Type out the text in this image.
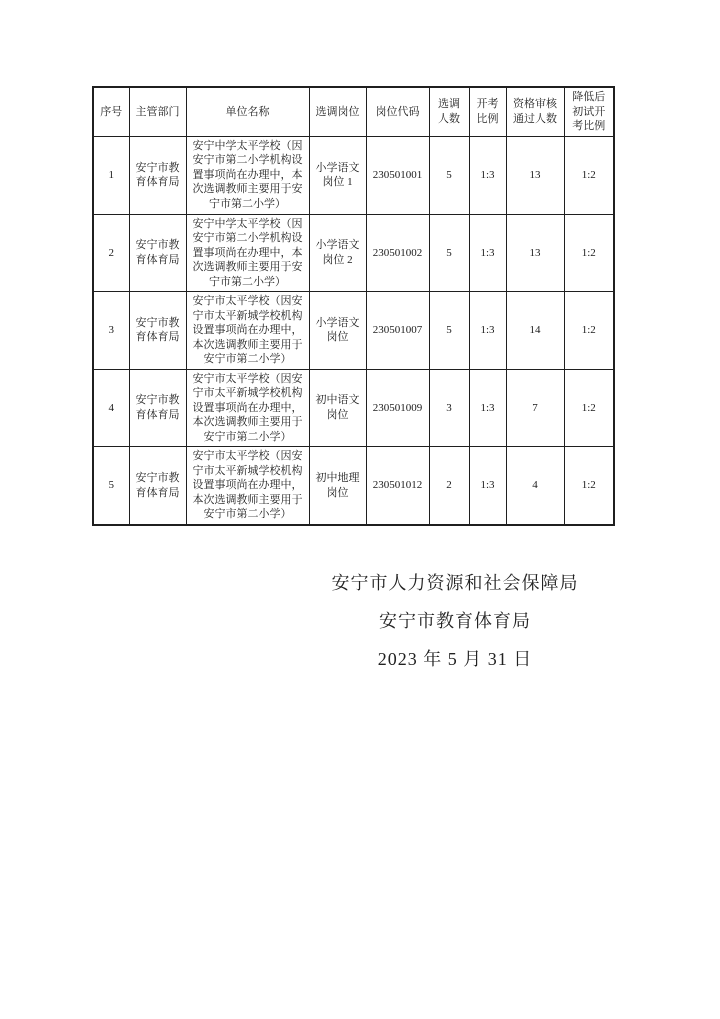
序号	主管部门	单位名称	选调岗位	岗位代码	选调人数	开考比例	资格审核通过人数	降低后初试开考比例
1	安宁市教育体育局	安宁中学太平学校（因安宁市第二小学机构设置事项尚在办理中，本次选调教师主要用于安宁市第二小学）	小学语文岗位 1	230501001	5	1:3	13	1:2
2	安宁市教育体育局	安宁中学太平学校（因安宁市第二小学机构设置事项尚在办理中，本次选调教师主要用于安宁市第二小学）	小学语文岗位 2	230501002	5	1:3	13	1:2
3	安宁市教育体育局	安宁市太平学校（因安宁市太平新城学校机构设置事项尚在办理中，本次选调教师主要用于安宁市第二小学）	小学语文岗位	230501007	5	1:3	14	1:2
4	安宁市教育体育局	安宁市太平学校（因安宁市太平新城学校机构设置事项尚在办理中，本次选调教师主要用于安宁市第二小学）	初中语文岗位	230501009	3	1:3	7	1:2
5	安宁市教育体育局	安宁市太平学校（因安宁市太平新城学校机构设置事项尚在办理中，本次选调教师主要用于安宁市第二小学）	初中地理岗位	230501012	2	1:3	4	1:2
安宁市人力资源和社会保障局
安宁市教育体育局
2023 年 5 月 31 日
